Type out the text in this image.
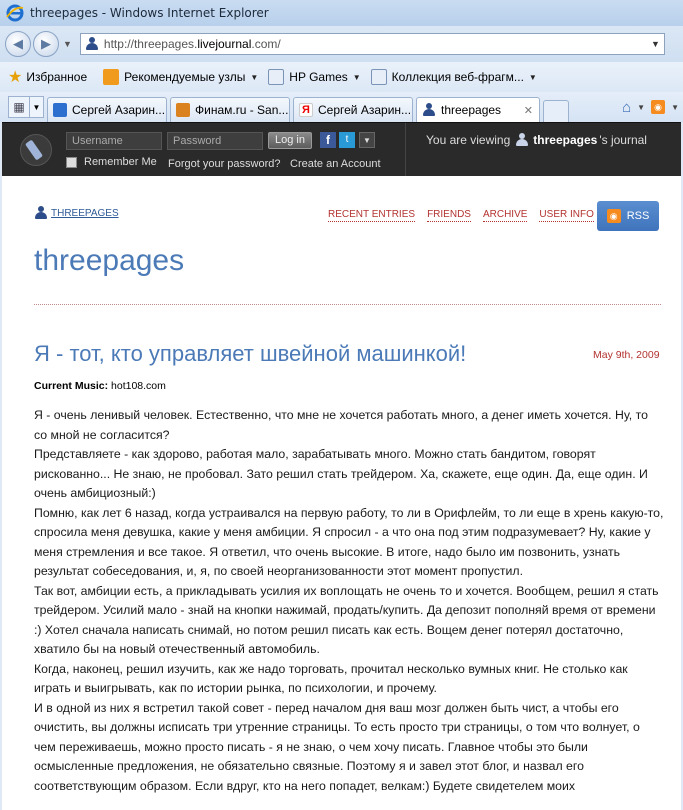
threepages - Windows Internet Explorer
◀ ▶ ▼	http://threepages. livejournal .com/	▼
★ Избранное	Рекомендуемые узлы ▼	HP Games ▼	Коллекция веб-фрагм... ▼
▦ ▼	Сергей Азарин... Финам.ru - San... Я Сергей Азарин... threepages ✕	⌂ ▼	◉	▼
Username	Password	Log in	f	t	▼
Remember Me Forgot your password? Create an Account
You are viewing threepages 's journal
THREEPAGES	RECENT ENTRIES FRIENDS ARCHIVE USER INFO	◉ RSS
threepages
Я - тот, кто управляет швейной машинкой!	May 9th, 2009
Current Music: hot108.com

Я - очень ленивый человек. Естественно, что мне не хочется работать много, а денег иметь хочется. Ну, то со мной не согласится?

Представляете - как здорово, работая мало, зарабатывать много. Можно стать бандитом, говорят рискованно... Не знаю, не пробовал. Зато решил стать трейдером. Ха, скажете, еще один. Да, еще один. И очень амбициозный:)

Помню, как лет 6 назад, когда устраивался на первую работу, то ли в Орифлейм, то ли еще в хрень какую-то, спросила меня девушка, какие у меня амбиции. Я спросил - а что она под этим подразумевает? Ну, какие у меня стремления и все такое. Я ответил, что очень высокие. В итоге, надо было им позвонить, узнать результат собеседования, и, я, по своей неорганизованности этот момент пропустил.

Так вот, амбиции есть, а прикладывать усилия их воплощать не очень то и хочется. Вообщем, решил я стать трейдером. Усилий мало - знай на кнопки нажимай, продать/купить. Да депозит пополняй время от времени :) Хотел сначала написать снимай, но потом решил писать как есть. Вощем денег потерял достаточно, хватило бы на новый отечественный автомобиль.

Когда, наконец, решил изучить, как же надо торговать, прочитал несколько вумных книг. Не столько как играть и выигрывать, как по истории рынка, по психологии, и прочему.

И в одной из них я встретил такой совет - перед началом дня ваш мозг должен быть чист, а чтобы его очистить, вы должны исписать три утренние страницы. То есть просто три страницы, о том что волнует, о чем переживаешь, можно просто писать - я не знаю, о чем хочу писать. Главное чтобы это были осмысленные предложения, не обязательно связные. Поэтому я и завел этот блог, и назвал его соответствующим образом. Если вдруг, кто на него попадет, велкам:) Будете свидетелем моих
